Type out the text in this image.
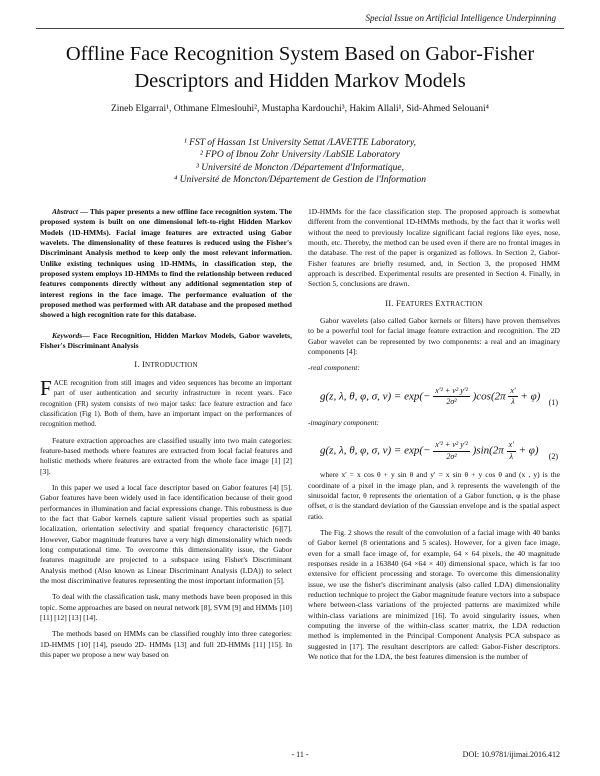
Special Issue on Artificial Intelligence Underpinning
Offline Face Recognition System Based on Gabor-Fisher Descriptors and Hidden Markov Models
Zineb Elgarrai¹, Othmane Elmeslouhi², Mustapha Kardouchi³, Hakim Allali¹, Sid-Ahmed Selouani⁴
¹ FST of Hassan 1st University Settat /LAVETTE Laboratory,
² FPO of Ibnou Zohr University /LabSIE Laboratory
³ Université de Moncton /Département d'Informatique,
⁴ Université de Moncton/Département de Gestion de l'Information

Abstract — This paper presents a new offline face recognition system. The proposed system is built on one dimensional left-to-right Hidden Markov Models (1D-HMMs). Facial image features are extracted using Gabor wavelets. The dimensionality of these features is reduced using the Fisher's Discriminant Analysis method to keep only the most relevant information. Unlike existing techniques using 1D-HMMs, in classification step, the proposed system employs 1D-HMMs to find the relationship between reduced features components directly without any additional segmentation step of interest regions in the face image. The performance evaluation of the proposed method was performed with AR database and the proposed method showed a high recognition rate for this database.

Keywords— Face Recognition, Hidden Markov Models, Gabor wavelets, Fisher's Discriminant Analysis

I. INTRODUCTION

FACE recognition from still images and video sequences has become an important part of user authentication and security infrastructure in recent years. Face recognition (FR) system consists of two major tasks: face feature extraction and face classification (Fig 1). Both of them, have an important impact on the performances of recognition method.

Feature extraction approaches are classified usually into two main categories: feature-based methods where features are extracted from local facial features and holistic methods where features are extracted from the whole face image [1] [2] [3].

In this paper we used a local face descriptor based on Gabor features [4] [5]. Gabor features have been widely used in face identification because of their good performances in illumination and facial expressions change. This robustness is due to the fact that Gabor kernels capture salient visual properties such as spatial localization, orientation selectivity and spatial frequency characteristic [6][7]. However, Gabor magnitude features have a very high dimensionality which needs long computational time. To overcome this dimensionality issue, the Gabor features magnitude are projected to a subspace using Fisher's Discriminant Analysis method (Also known as Linear Discriminant Analysis (LDA)) to select the most discriminative features representing the most important information [5].

To deal with the classification task, many methods have been proposed in this topic. Some approaches are based on neural network [8], SVM [9] and HMMs [10] [11] [12] [13] [14].

The methods based on HMMs can be classified roughly into three categories: 1D-HMMS [10] [14], pseudo 2D- HMMs [13] and full 2D-HMMs [11] [15]. In this paper we propose a new way based on

1D-HMMs for the face classification step. The proposed approach is somewhat different from the conventional 1D-HMMs methods, by the fact that it works well without the need to previously localize significant facial regions like eyes, nose, mouth, etc. Thereby, the method can be used even if there are no frontal images in the database. The rest of the paper is organized as follows. In Section 2, Gabor-Fisher features are briefly resumed, and, in Section 3, the proposed HMM approach is described. Experimental results are presented in Section 4. Finally, in Section 5, conclusions are drawn.

II. FEATURES EXTRACTION

Gabor wavelets (also called Gabor kernels or filters) have proven themselves to be a powerful tool for facial image feature extraction and recognition. The 2D Gabor wavelet can be represented by two components: a real and an imaginary components [4]:

-real component:
g(z, λ, θ, φ, σ, $\nu) = \exp(- \frac{\text{x'² + ν² y'²}}{\text{2σ²}} )\cos(2\pi \frac{x'}{\lambda} + \varphi)$
(1)
-imaginary component:
g(z, λ, θ, φ, σ, $\nu) = \exp(- \frac{\text{x'² + ν² y'²}}{\text{2σ²}} )\sin(2\pi \frac{x'}{\lambda} + \varphi)$
(2)

where x' = x cos θ + y sin θ and y' = x sin θ + y cos θ and (x , y) is the coordinate of a pixel in the image plan, and λ represents the wavelength of the sinusoidal factor, θ represents the orientation of a Gabor function, φ is the phase offset, σ is the standard deviation of the Gaussian envelope and is the spatial aspect ratio.

The Fig. 2 shows the result of the convolution of a facial image with 40 banks of Gabor kernel (8 orientations and 5 scales). However, for a given face image, even for a small face image of, for example, 64 × 64 pixels, the 40 magnitude responses reside in a 163840 (64 ×64 × 40) dimensional space, which is far too extensive for efficient processing and storage. To overcome this dimensionality issue, we use the fisher's discriminant analysis (also called LDA) dimensionality reduction technique to project the Gabor magnitude feature vectors into a subspace where between-class variations of the projected patterns are maximized while within-class variations are minimized [16]. To avoid singularity issues, when computing the inverse of the within-class scatter matrix, the LDA reduction method is implemented in the Principal Component Analysis PCA subspace as suggested in [17]. The resultant descriptors are called: Gabor-Fisher descriptors. We notice that for the LDA, the best features dimension is the number of

- 11 -	DOI: 10.9781/ijimai.2016.412
